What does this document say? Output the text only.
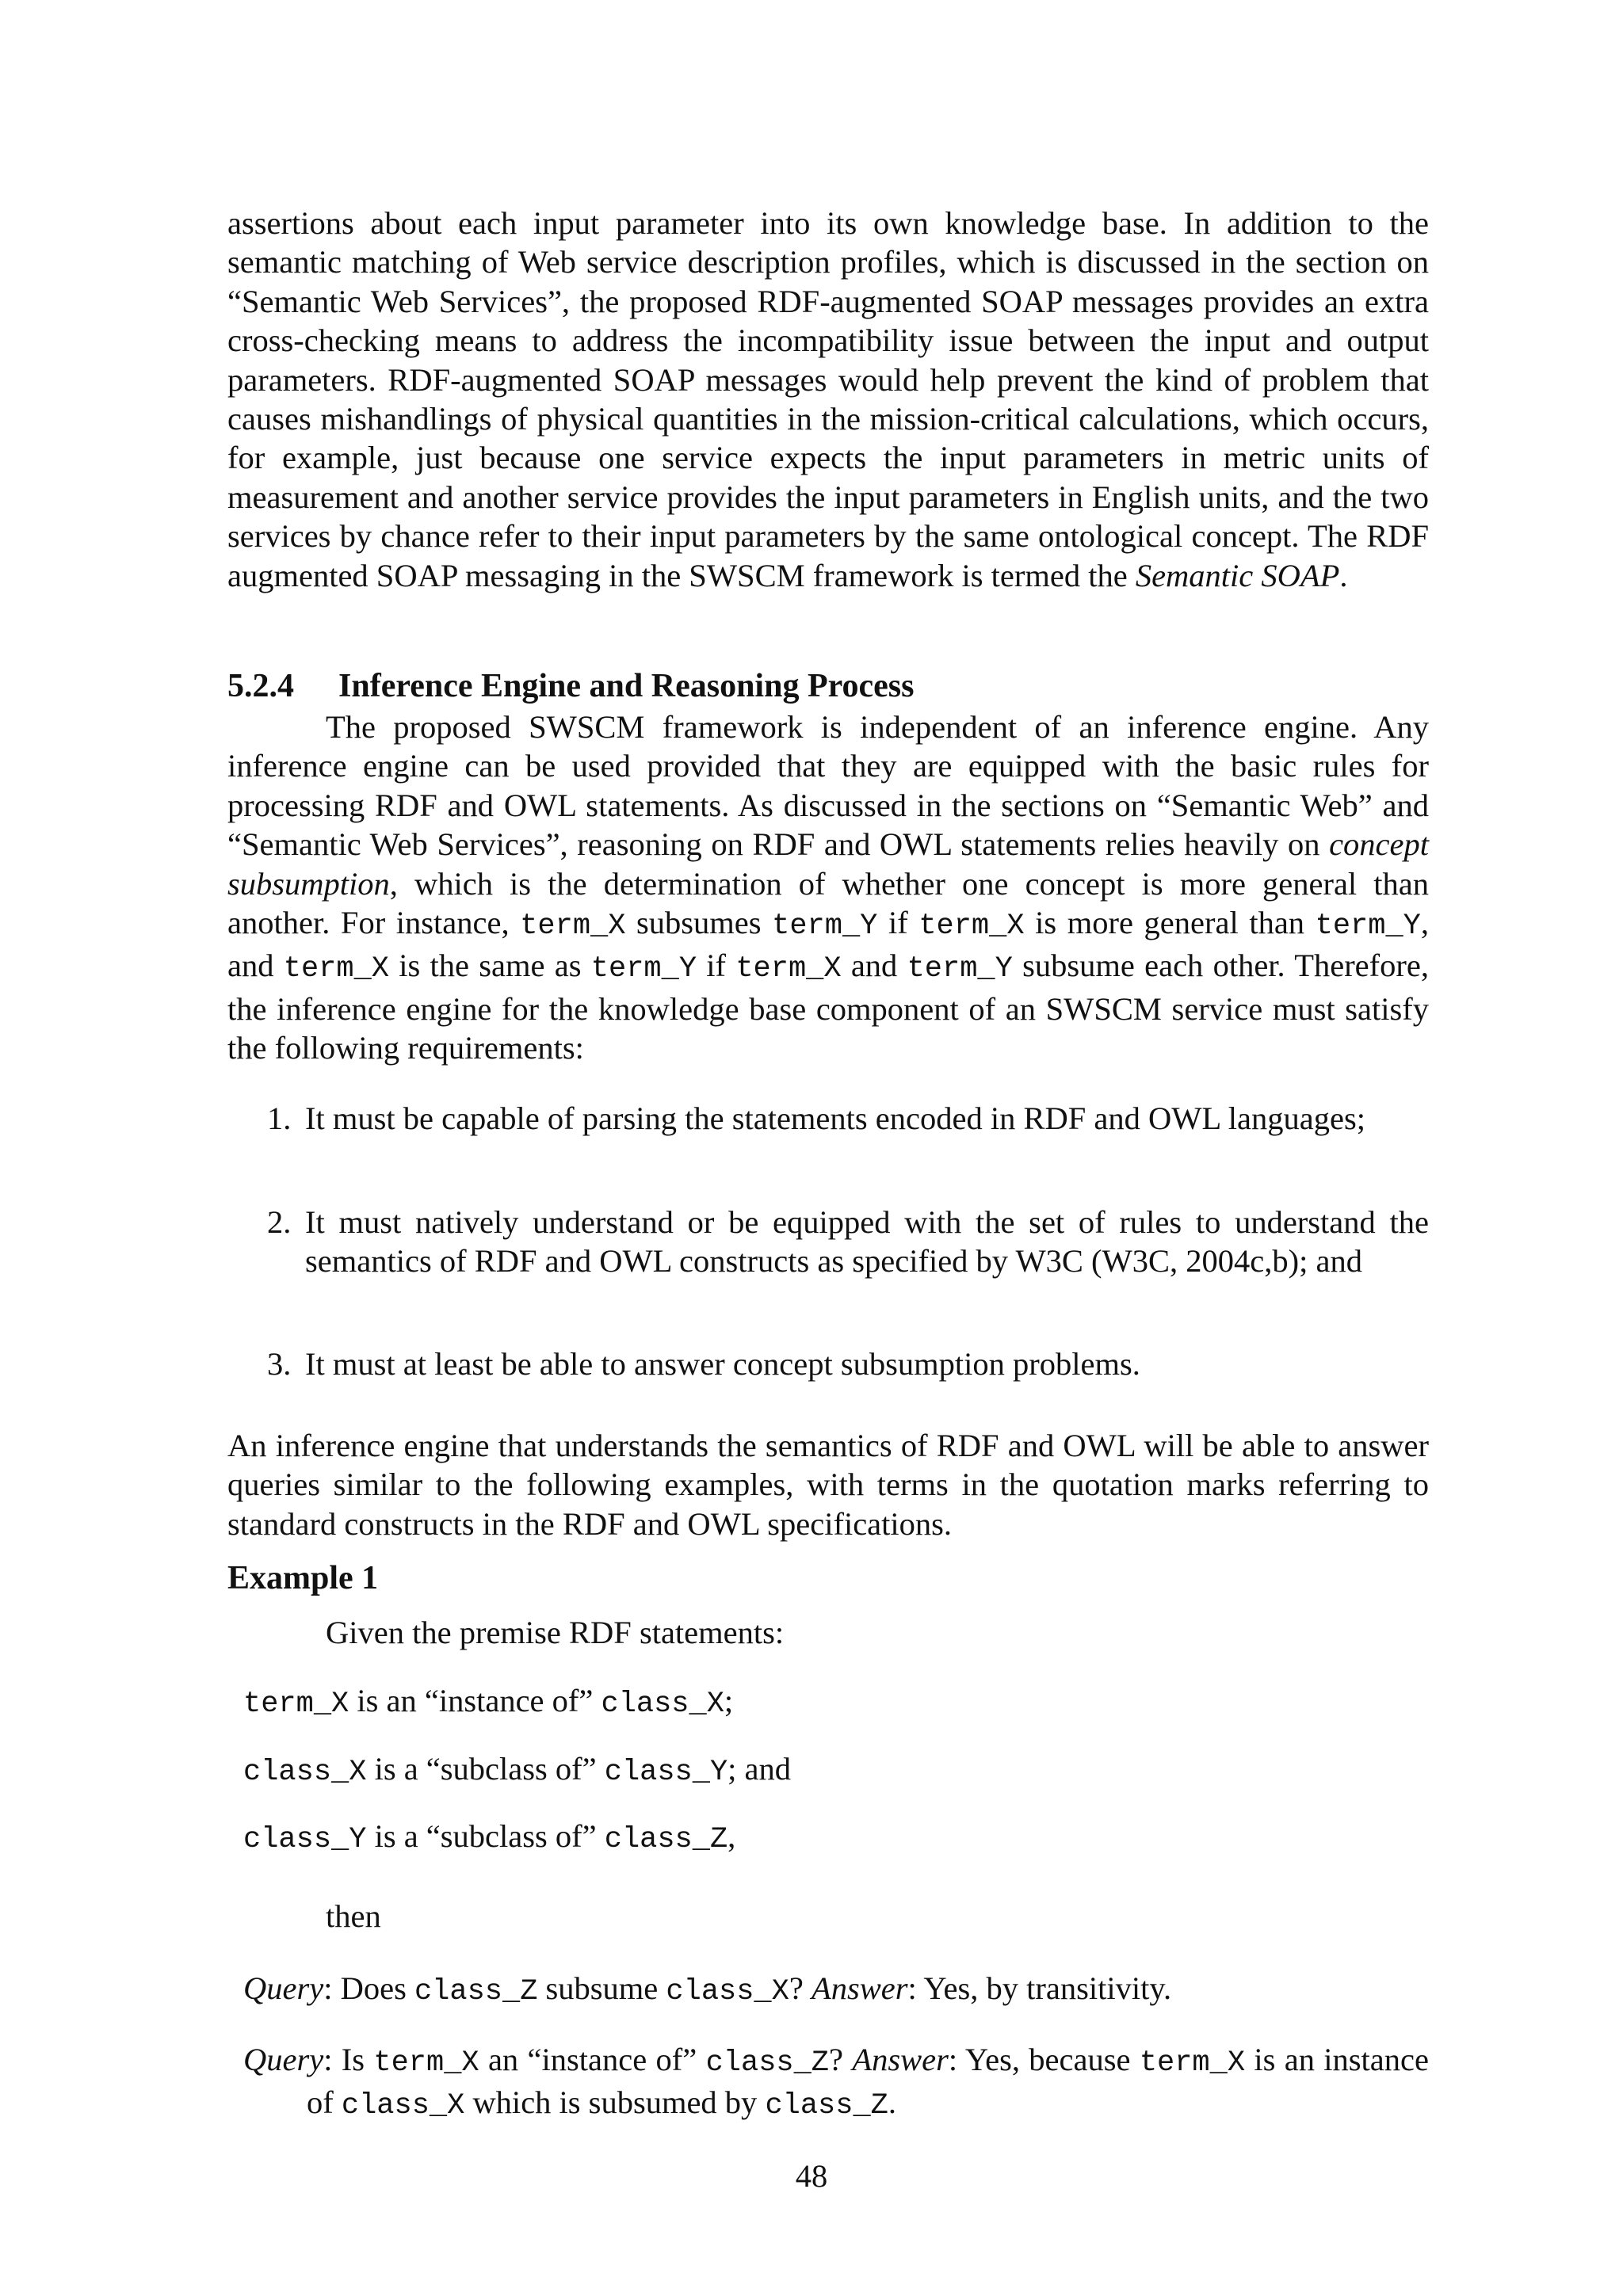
assertions about each input parameter into its own knowledge base. In addition to the semantic matching of Web service description profiles, which is discussed in the section on “Semantic Web Services”, the proposed RDF-augmented SOAP messages provides an extra cross-checking means to address the incompatibility issue between the input and output parameters. RDF-augmented SOAP messages would help prevent the kind of problem that causes mishandlings of physical quantities in the mission-critical calculations, which occurs, for example, just because one service expects the input parameters in metric units of measurement and another service provides the input parameters in English units, and the two services by chance refer to their input parameters by the same ontological concept. The RDF augmented SOAP messaging in the SWSCM framework is termed the Semantic SOAP.

5.2.4 Inference Engine and Reasoning Process

The proposed SWSCM framework is independent of an inference engine. Any inference engine can be used provided that they are equipped with the basic rules for processing RDF and OWL statements. As discussed in the sections on “Semantic Web” and “Semantic Web Services”, reasoning on RDF and OWL statements relies heavily on concept subsumption, which is the determination of whether one concept is more general than another. For instance, term_X subsumes term_Y if term_X is more general than term_Y, and term_X is the same as term_Y if term_X and term_Y subsume each other. Therefore, the inference engine for the knowledge base component of an SWSCM service must satisfy the following requirements:

1. It must be capable of parsing the statements encoded in RDF and OWL languages;
2. It must natively understand or be equipped with the set of rules to understand the semantics of RDF and OWL constructs as specified by W3C (W3C, 2004c,b); and
3. It must at least be able to answer concept subsumption problems.

An inference engine that understands the semantics of RDF and OWL will be able to answer queries similar to the following examples, with terms in the quotation marks referring to standard constructs in the RDF and OWL specifications.

Example 1
Given the premise RDF statements:
term_X is an “instance of” class_X;
class_X is a “subclass of” class_Y; and
class_Y is a “subclass of” class_Z,
then
Query: Does class_Z subsume class_X? Answer: Yes, by transitivity.
Query: Is term_X an “instance of” class_Z? Answer: Yes, because term_X is an instance of class_X which is subsumed by class_Z.
48
